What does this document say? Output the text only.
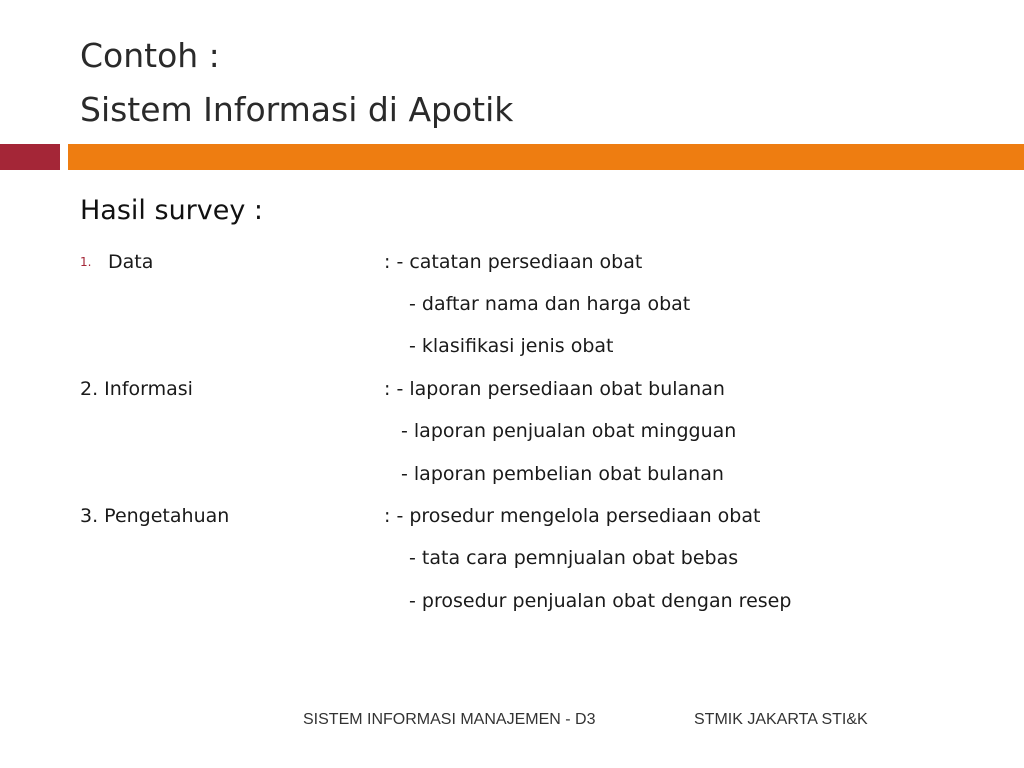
Contoh :
Sistem Informasi di Apotik
Hasil survey :
1. Data	: - catatan persediaan obat
- daftar nama dan harga obat
- klasifikasi jenis obat
2. Informasi	: - laporan persediaan obat bulanan
- laporan penjualan obat mingguan
- laporan pembelian obat bulanan
3. Pengetahuan	: - prosedur mengelola persediaan obat
- tata cara pemnjualan obat bebas
- prosedur penjualan obat dengan resep
SISTEM INFORMASI MANAJEMEN - D3	STMIK JAKARTA STI&K
